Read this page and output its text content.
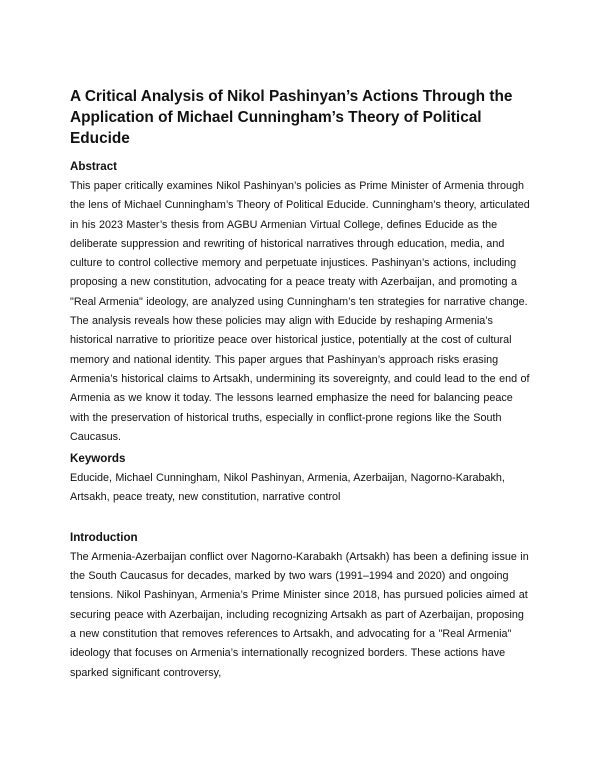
A Critical Analysis of Nikol Pashinyan’s Actions Through the Application of Michael Cunningham’s Theory of Political Educide
Abstract

This paper critically examines Nikol Pashinyan’s policies as Prime Minister of Armenia through the lens of Michael Cunningham’s Theory of Political Educide. Cunningham’s theory, articulated in his 2023 Master’s thesis from AGBU Armenian Virtual College, defines Educide as the deliberate suppression and rewriting of historical narratives through education, media, and culture to control collective memory and perpetuate injustices. Pashinyan’s actions, including proposing a new constitution, advocating for a peace treaty with Azerbaijan, and promoting a "Real Armenia" ideology, are analyzed using Cunningham’s ten strategies for narrative change. The analysis reveals how these policies may align with Educide by reshaping Armenia’s historical narrative to prioritize peace over historical justice, potentially at the cost of cultural memory and national identity. This paper argues that Pashinyan’s approach risks erasing Armenia’s historical claims to Artsakh, undermining its sovereignty, and could lead to the end of Armenia as we know it today. The lessons learned emphasize the need for balancing peace with the preservation of historical truths, especially in conflict-prone regions like the South Caucasus.

Keywords

Educide, Michael Cunningham, Nikol Pashinyan, Armenia, Azerbaijan, Nagorno-Karabakh, Artsakh, peace treaty, new constitution, narrative control

Introduction

The Armenia-Azerbaijan conflict over Nagorno-Karabakh (Artsakh) has been a defining issue in the South Caucasus for decades, marked by two wars (1991–1994 and 2020) and ongoing tensions. Nikol Pashinyan, Armenia’s Prime Minister since 2018, has pursued policies aimed at securing peace with Azerbaijan, including recognizing Artsakh as part of Azerbaijan, proposing a new constitution that removes references to Artsakh, and advocating for a "Real Armenia" ideology that focuses on Armenia’s internationally recognized borders. These actions have sparked significant controversy,
